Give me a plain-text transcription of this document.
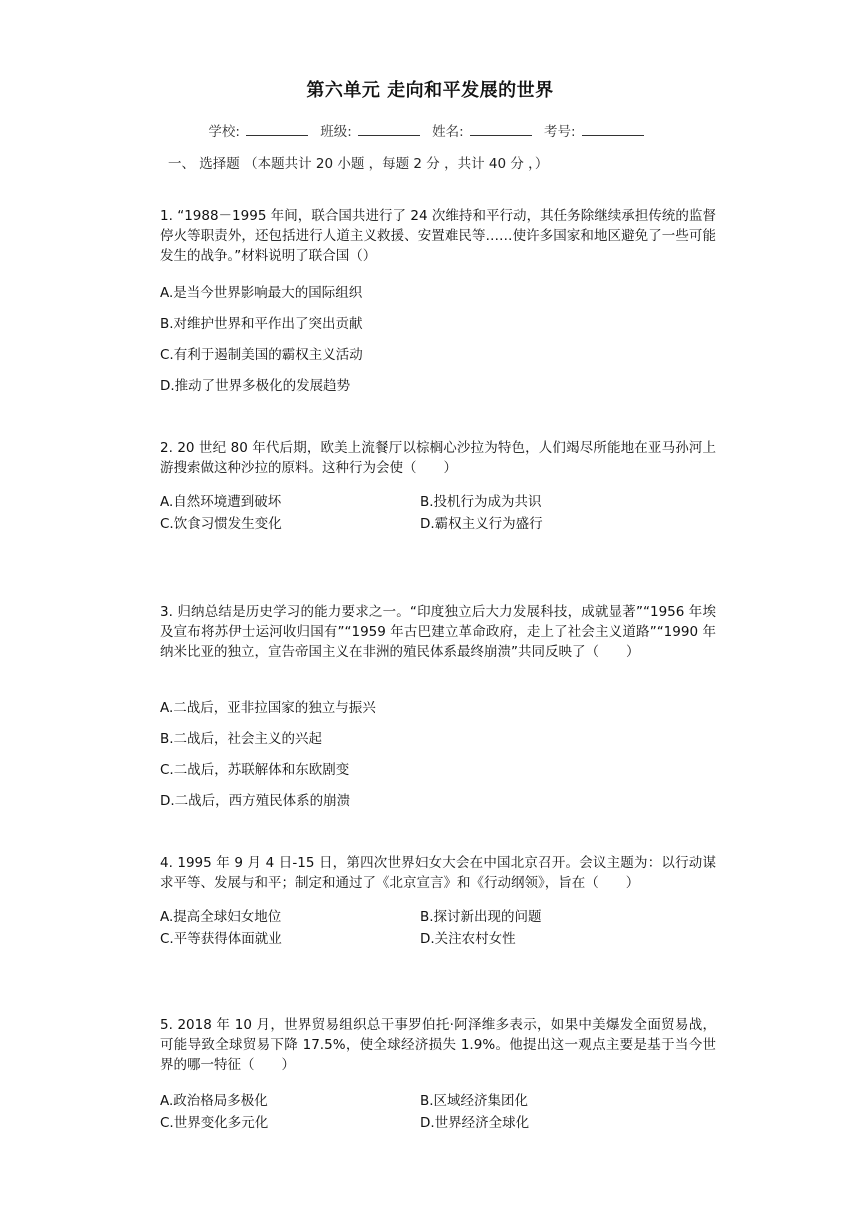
第六单元 走向和平发展的世界
学校:	班级:	姓名:	考号:
一、 选择题 （本题共计 20 小题 ，每题 2 分 ，共计 40 分 ，）
1. “1988－1995 年间，联合国共进行了 24 次维持和平行动，其任务除继续承担传统的监督停火等职责外，还包括进行人道主义救援、安置难民等……使许多国家和地区避免了一些可能发生的战争。”材料说明了联合国（）
A.是当今世界影响最大的国际组织
B.对维护世界和平作出了突出贡献
C.有利于遏制美国的霸权主义活动
D.推动了世界多极化的发展趋势
2. 20 世纪 80 年代后期，欧美上流餐厅以棕榈心沙拉为特色，人们竭尽所能地在亚马孙河上游搜索做这种沙拉的原料。这种行为会使（　　）
A.自然环境遭到破坏	B.投机行为成为共识
C.饮食习惯发生变化	D.霸权主义行为盛行
3. 归纳总结是历史学习的能力要求之一。“印度独立后大力发展科技，成就显著”“1956 年埃及宣布将苏伊士运河收归国有”“1959 年古巴建立革命政府，走上了社会主义道路”“1990 年纳米比亚的独立，宣告帝国主义在非洲的殖民体系最终崩溃”共同反映了（　　）
A.二战后，亚非拉国家的独立与振兴
B.二战后，社会主义的兴起
C.二战后，苏联解体和东欧剧变
D.二战后，西方殖民体系的崩溃
4. 1995 年 9 月 4 日-15 日，第四次世界妇女大会在中国北京召开。会议主题为：以行动谋求平等、发展与和平；制定和通过了《北京宣言》和《行动纲领》，旨在（　　）
A.提高全球妇女地位	B.探讨新出现的问题
C.平等获得体面就业	D.关注农村女性
5. 2018 年 10 月，世界贸易组织总干事罗伯托·阿泽维多表示，如果中美爆发全面贸易战，可能导致全球贸易下降 17.5%，使全球经济损失 1.9%。他提出这一观点主要是基于当今世界的哪一特征（　　）
A.政治格局多极化	B.区域经济集团化
C.世界变化多元化	D.世界经济全球化
